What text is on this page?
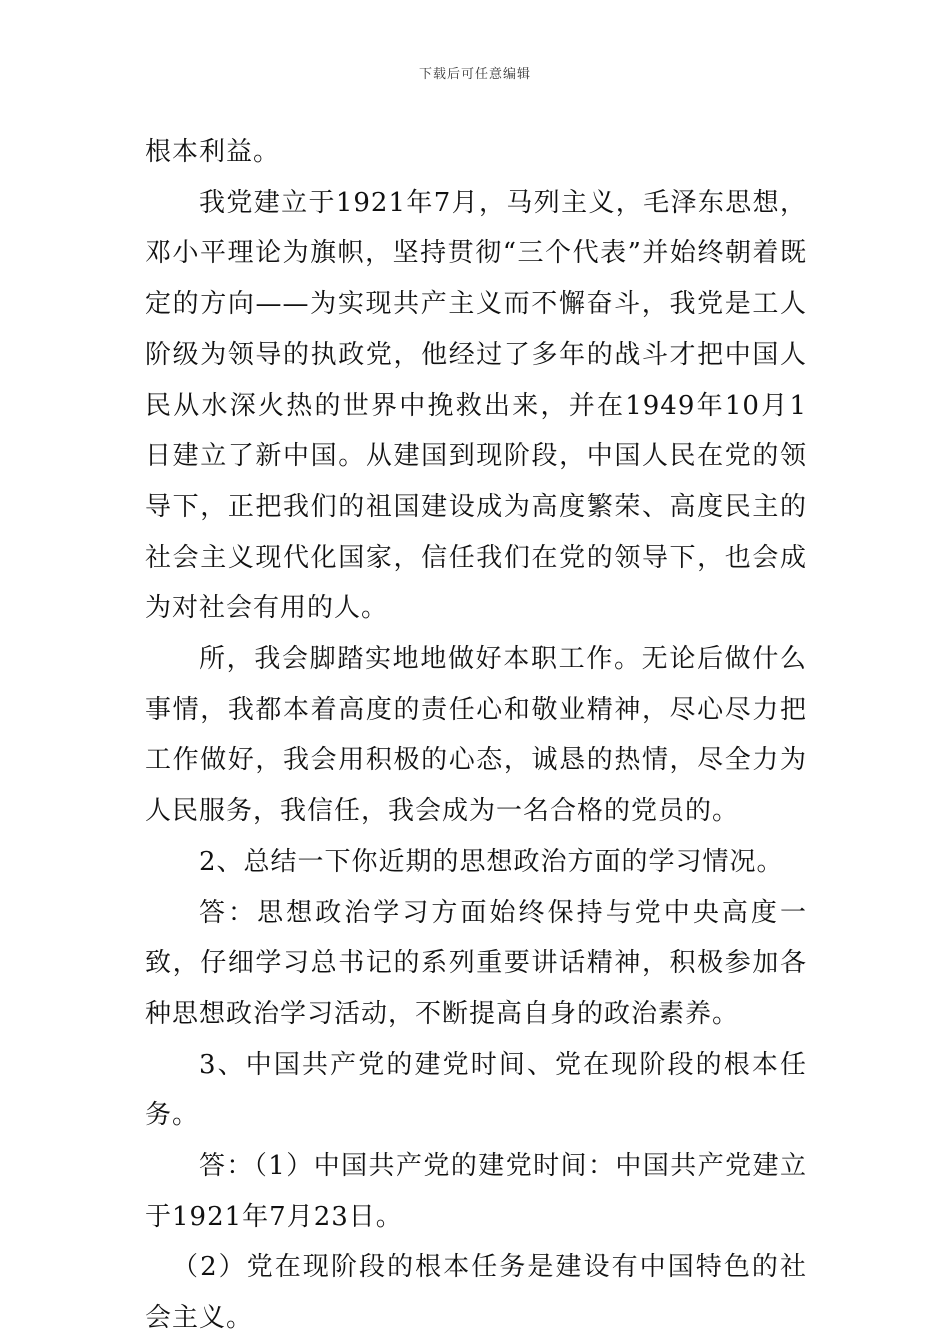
下载后可任意编辑

根本利益。

我党建立于1921年7月，马列主义，毛泽东思想，邓小平理论为旗帜，坚持贯彻“三个代表”并始终朝着既定的方向——为实现共产主义而不懈奋斗，我党是工人阶级为领导的执政党，他经过了多年的战斗才把中国人民从水深火热的世界中挽救出来，并在1949年10月1日建立了新中国。从建国到现阶段，中国人民在党的领导下，正把我们的祖国建设成为高度繁荣、高度民主的社会主义现代化国家，信任我们在党的领导下，也会成为对社会有用的人。

所，我会脚踏实地地做好本职工作。无论后做什么事情，我都本着高度的责任心和敬业精神，尽心尽力把工作做好，我会用积极的心态，诚恳的热情，尽全力为人民服务，我信任，我会成为一名合格的党员的。

2、总结一下你近期的思想政治方面的学习情况。

答：思想政治学习方面始终保持与党中央高度一致，仔细学习总书记的系列重要讲话精神，积极参加各种思想政治学习活动，不断提高自身的政治素养。

3、中国共产党的建党时间、党在现阶段的根本任务。

答：（1）中国共产党的建党时间：中国共产党建立于1921年7月23日。

（2）党在现阶段的根本任务是建设有中国特色的社会主义。
